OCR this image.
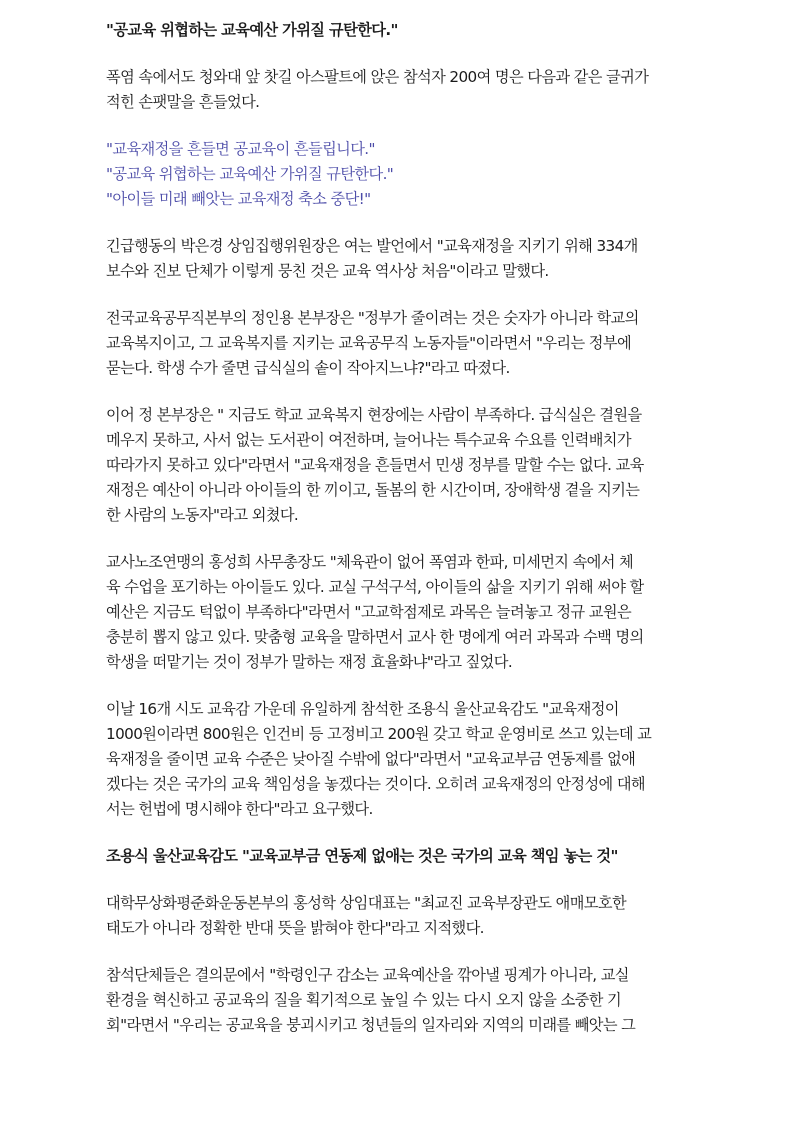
"공교육 위협하는 교육예산 가위질 규탄한다."
폭염 속에서도 청와대 앞 찻길 아스팔트에 앉은 참석자 200여 명은 다음과 같은 글귀가
적힌 손팻말을 흔들었다.
"교육재정을 흔들면 공교육이 흔들립니다."
"공교육 위협하는 교육예산 가위질 규탄한다."
"아이들 미래 빼앗는 교육재정 축소 중단!"
긴급행동의 박은경 상임집행위원장은 여는 발언에서 "교육재정을 지키기 위해 334개
보수와 진보 단체가 이렇게 뭉친 것은 교육 역사상 처음"이라고 말했다.
전국교육공무직본부의 정인용 본부장은 "정부가 줄이려는 것은 숫자가 아니라 학교의
교육복지이고, 그 교육복지를 지키는 교육공무직 노동자들"이라면서 "우리는 정부에
묻는다. 학생 수가 줄면 급식실의 솥이 작아지느냐?"라고 따졌다.
이어 정 본부장은 " 지금도 학교 교육복지 현장에는 사람이 부족하다. 급식실은 결원을
메우지 못하고, 사서 없는 도서관이 여전하며, 늘어나는 특수교육 수요를 인력배치가
따라가지 못하고 있다"라면서 "교육재정을 흔들면서 민생 정부를 말할 수는 없다. 교육
재정은 예산이 아니라 아이들의 한 끼이고, 돌봄의 한 시간이며, 장애학생 곁을 지키는
한 사람의 노동자"라고 외쳤다.
교사노조연맹의 홍성희 사무총장도 "체육관이 없어 폭염과 한파, 미세먼지 속에서 체
육 수업을 포기하는 아이들도 있다. 교실 구석구석, 아이들의 삶을 지키기 위해 써야 할
예산은 지금도 턱없이 부족하다"라면서 "고교학점제로 과목은 늘려놓고 정규 교원은
충분히 뽑지 않고 있다. 맞춤형 교육을 말하면서 교사 한 명에게 여러 과목과 수백 명의
학생을 떠맡기는 것이 정부가 말하는 재정 효율화냐"라고 짚었다.
이날 16개 시도 교육감 가운데 유일하게 참석한 조용식 울산교육감도 "교육재정이
1000원이라면 800원은 인건비 등 고정비고 200원 갖고 학교 운영비로 쓰고 있는데 교
육재정을 줄이면 교육 수준은 낮아질 수밖에 없다"라면서 "교육교부금 연동제를 없애
겠다는 것은 국가의 교육 책임성을 놓겠다는 것이다. 오히려 교육재정의 안정성에 대해
서는 헌법에 명시해야 한다"라고 요구했다.
조용식 울산교육감도 "교육교부금 연동제 없애는 것은 국가의 교육 책임 놓는 것"
대학무상화평준화운동본부의 홍성학 상임대표는 "최교진 교육부장관도 애매모호한
태도가 아니라 정확한 반대 뜻을 밝혀야 한다"라고 지적했다.
참석단체들은 결의문에서 "학령인구 감소는 교육예산을 깎아낼 핑계가 아니라, 교실
환경을 혁신하고 공교육의 질을 획기적으로 높일 수 있는 다시 오지 않을 소중한 기
회"라면서 "우리는 공교육을 붕괴시키고 청년들의 일자리와 지역의 미래를 빼앗는 그
